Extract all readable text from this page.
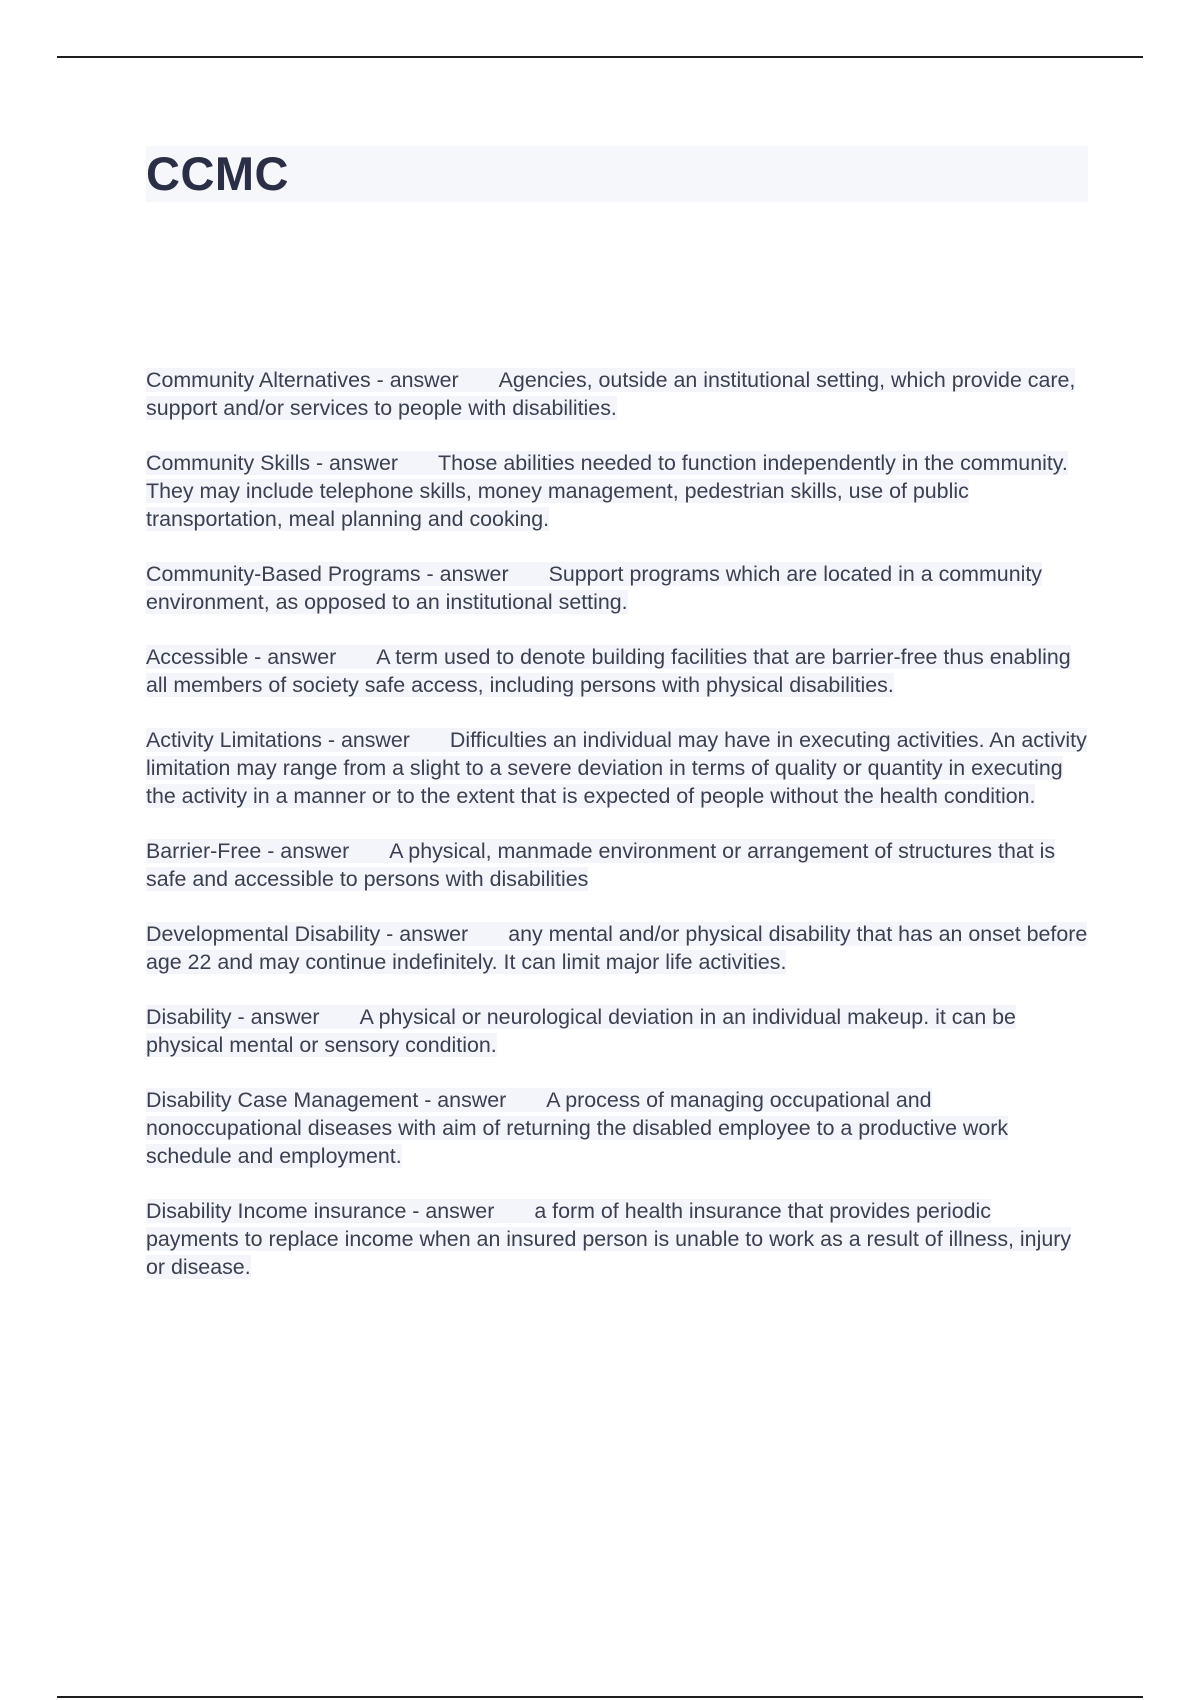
CCMC

Community Alternatives - answer Agencies, outside an institutional setting, which provide care, support and/or services to people with disabilities.

Community Skills - answer Those abilities needed to function independently in the community. They may include telephone skills, money management, pedestrian skills, use of public transportation, meal planning and cooking.

Community-Based Programs - answer Support programs which are located in a community environment, as opposed to an institutional setting.

Accessible - answer A term used to denote building facilities that are barrier-free thus enabling all members of society safe access, including persons with physical disabilities.

Activity Limitations - answer Difficulties an individual may have in executing activities. An activity limitation may range from a slight to a severe deviation in terms of quality or quantity in executing the activity in a manner or to the extent that is expected of people without the health condition.

Barrier-Free - answer A physical, manmade environment or arrangement of structures that is safe and accessible to persons with disabilities

Developmental Disability - answer any mental and/or physical disability that has an onset before age 22 and may continue indefinitely. It can limit major life activities.

Disability - answer A physical or neurological deviation in an individual makeup. it can be physical mental or sensory condition.

Disability Case Management - answer A process of managing occupational and nonoccupational diseases with aim of returning the disabled employee to a productive work schedule and employment.

Disability Income insurance - answer a form of health insurance that provides periodic payments to replace income when an insured person is unable to work as a result of illness, injury or disease.
